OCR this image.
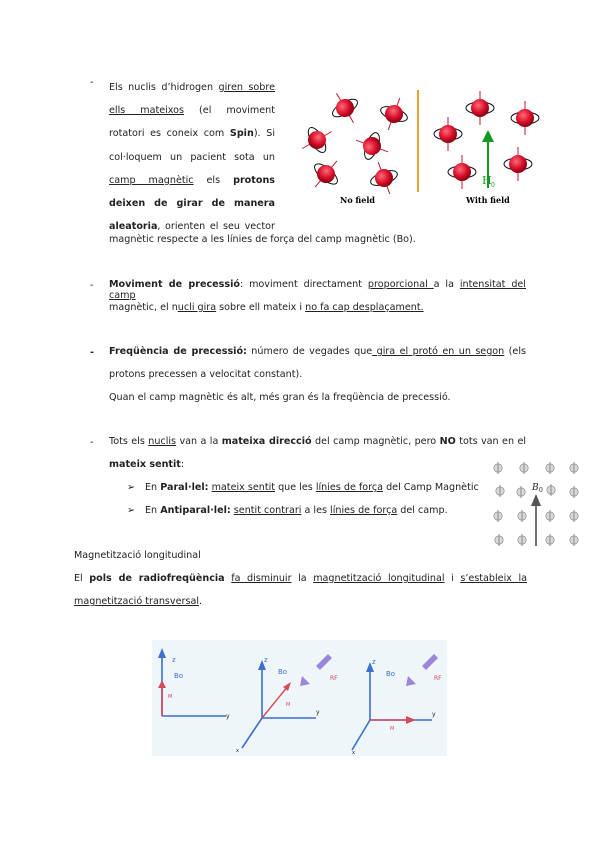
- Els nuclis d’hidrogen giren sobre
ells mateixos (el moviment
rotatori es coneix com Spin). Si
col·loquem un pacient sota un
camp magnètic els protons
deixen de girar de manera
aleatoria, orienten el seu vector
magnètic respecte a les línies de força del camp magnètic (Bo).
H 0
No field	With field
- Moviment de precessió: moviment directament proporcional a la intensitat del camp
magnètic, el nucli gira sobre ell mateix i no fa cap desplaçament.
- Freqüència de precessió: número de vegades que gira el protó en un segon (els
protons precessen a velocitat constant).
Quan el camp magnètic és alt, més gran és la freqüència de precessió.
- Tots els nuclis van a la mateixa direcció del camp magnètic, pero NO tots van en el
mateix sentit:
➢ En Paral·lel: mateix sentit que les línies de força del Camp Magnètic
➢ En Antiparal·lel: sentit contrari a les línies de força del camp.
B 0
Magnetització longitudinal
El pols de radiofreqüència fa disminuir la magnetització longitudinal i s’estableix la
magnetització transversal.
z
Bo
M
y
z
Bo
RF
M
y
x
z
Bo
RF
M
y
x
